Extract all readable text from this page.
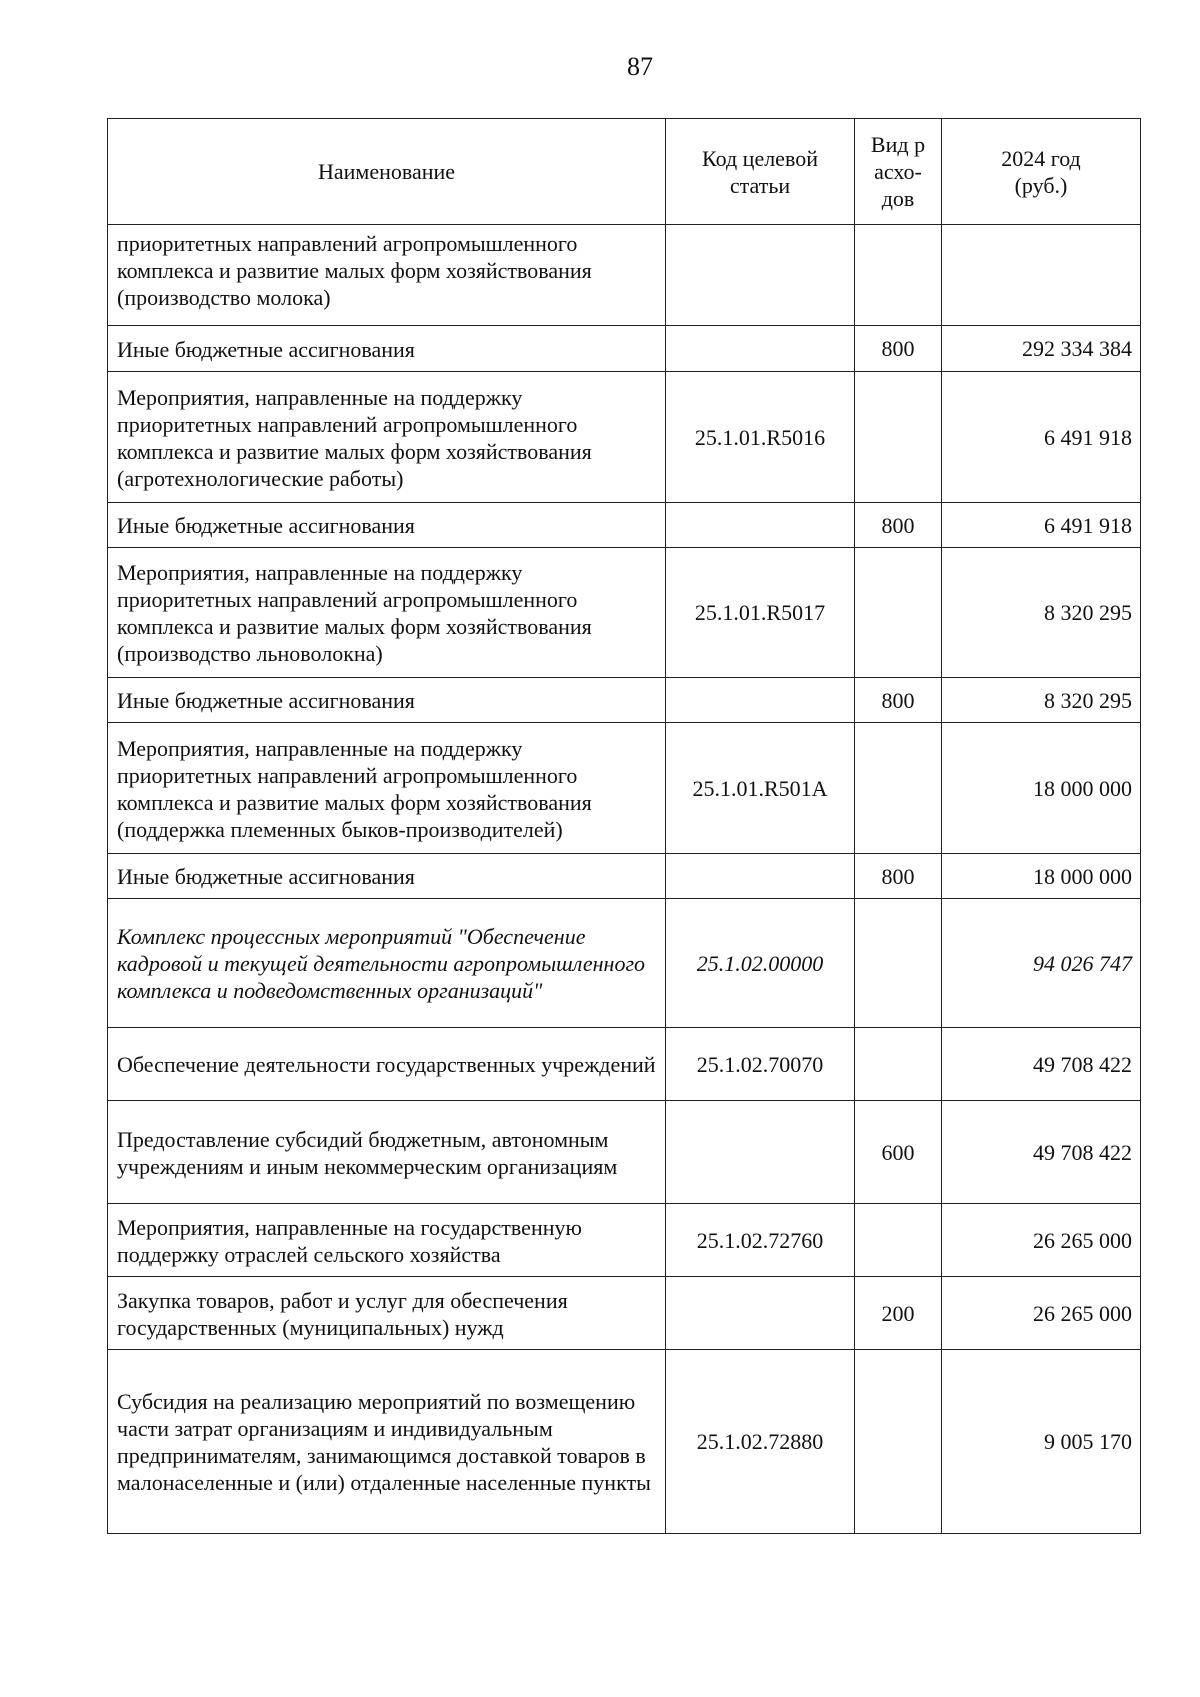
87
Наименование	Код целевой статьи	Вид расхо-дов	2024 год (руб.)
приоритетных направлений агропромышленного комплекса и развитие малых форм хозяйствования (производство молока)			
Иные бюджетные ассигнования		800	292 334 384
Мероприятия, направленные на поддержку приоритетных направлений агропромышленного комплекса и развитие малых форм хозяйствования (агротехнологические работы)	25.1.01.R5016		6 491 918
Иные бюджетные ассигнования		800	6 491 918
Мероприятия, направленные на поддержку приоритетных направлений агропромышленного комплекса и развитие малых форм хозяйствования (производство льноволокна)	25.1.01.R5017		8 320 295
Иные бюджетные ассигнования		800	8 320 295
Мероприятия, направленные на поддержку приоритетных направлений агропромышленного комплекса и развитие малых форм хозяйствования (поддержка племенных быков-производителей)	25.1.01.R501A		18 000 000
Иные бюджетные ассигнования		800	18 000 000
Комплекс процессных мероприятий "Обеспечение кадровой и текущей деятельности агропромышленного комплекса и подведомственных организаций"	25.1.02.00000		94 026 747
Обеспечение деятельности государственных учреждений	25.1.02.70070		49 708 422
Предоставление субсидий бюджетным, автономным учреждениям и иным некоммерческим организациям		600	49 708 422
Мероприятия, направленные на государственную поддержку отраслей сельского хозяйства	25.1.02.72760		26 265 000
Закупка товаров, работ и услуг для обеспечения государственных (муниципальных) нужд		200	26 265 000
Субсидия на реализацию мероприятий по возмещению части затрат организациям и индивидуальным предпринимателям, занимающимся доставкой товаров в малонаселенные и (или) отдаленные населенные пункты	25.1.02.72880		9 005 170
